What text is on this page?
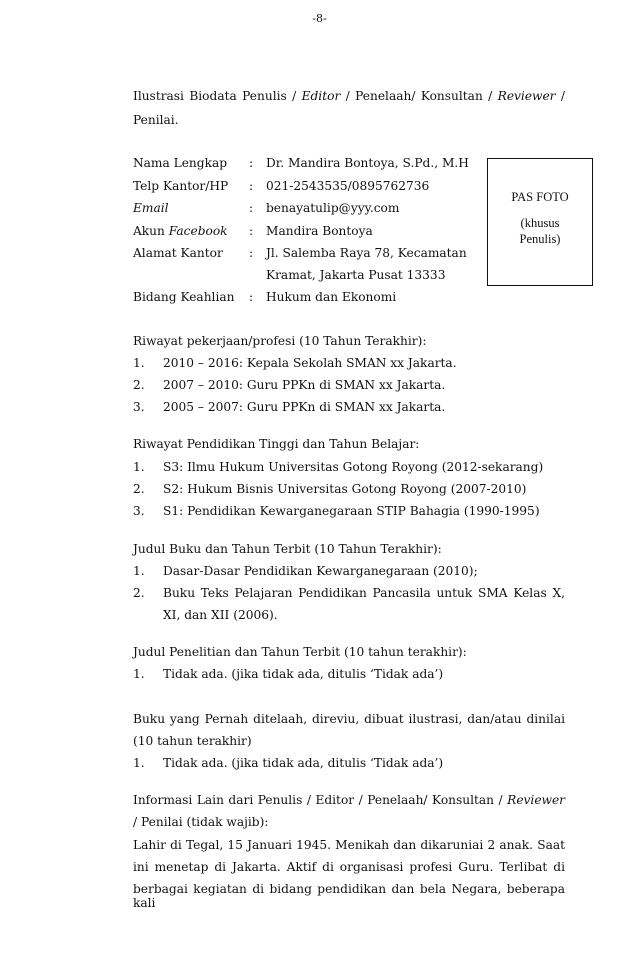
-8-
Ilustrasi Biodata Penulis / Editor / Penelaah/ Konsultan / Reviewer /
Penilai.
Nama Lengkap : Dr. Mandira Bontoya, S.Pd., M.H
Telp Kantor/HP : 021-2543535/0895762736
Email	: benayatulip@yyy.com
Akun Facebook : Mandira Bontoya
Alamat Kantor : Jl. Salemba Raya 78, Kecamatan
Kramat, Jakarta Pusat 13333
Bidang Keahlian : Hukum dan Ekonomi
PAS FOTO
(khusus
Penulis)
Riwayat pekerjaan/profesi (10 Tahun Terakhir):
1. 2010 – 2016: Kepala Sekolah SMAN xx Jakarta.
2. 2007 – 2010: Guru PPKn di SMAN xx Jakarta.
3. 2005 – 2007: Guru PPKn di SMAN xx Jakarta.
Riwayat Pendidikan Tinggi dan Tahun Belajar:
1. S3: Ilmu Hukum Universitas Gotong Royong (2012-sekarang)
2. S2: Hukum Bisnis Universitas Gotong Royong (2007-2010)
3. S1: Pendidikan Kewarganegaraan STIP Bahagia (1990-1995)
Judul Buku dan Tahun Terbit (10 Tahun Terakhir):
1. Dasar-Dasar Pendidikan Kewarganegaraan (2010);
2. Buku Teks Pelajaran Pendidikan Pancasila untuk SMA Kelas X,
XI, dan XII (2006).
Judul Penelitian dan Tahun Terbit (10 tahun terakhir):
1. Tidak ada. (jika tidak ada, ditulis ‘Tidak ada’)
Buku yang Pernah ditelaah, direviu, dibuat ilustrasi, dan/atau dinilai
(10 tahun terakhir)
1. Tidak ada. (jika tidak ada, ditulis ‘Tidak ada’)
Informasi Lain dari Penulis / Editor / Penelaah/ Konsultan / Reviewer
/ Penilai (tidak wajib):
Lahir di Tegal, 15 Januari 1945. Menikah dan dikaruniai 2 anak. Saat
ini menetap di Jakarta. Aktif di organisasi profesi Guru. Terlibat di
berbagai kegiatan di bidang pendidikan dan bela Negara, beberapa kali
